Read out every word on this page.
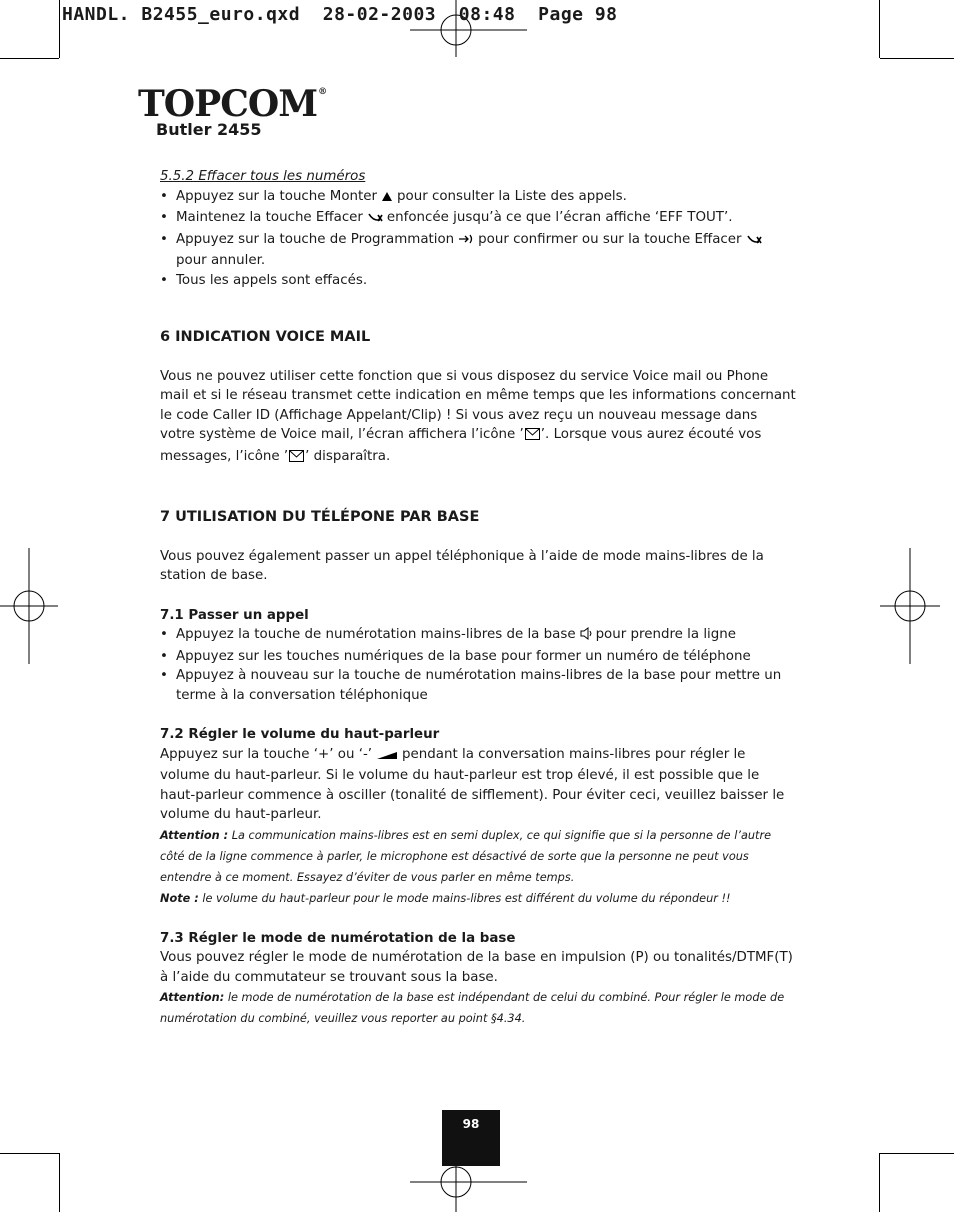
HANDL. B2455_euro.qxd  28-02-2003  08:48  Page 98
TOPCOM®
Butler 2455

5.5.2 Effacer tous les numéros

• Appuyez sur la touche Monter pour consulter la Liste des appels.
• Maintenez la touche Effacer enfoncée jusqu’à ce que l’écran affiche ‘EFF TOUT’.
• Appuyez sur la touche de Programmation pour confirmer ou sur la touche Effacerpour annuler.
• Tous les appels sont effacés.

6 INDICATION VOICE MAIL

Vous ne pouvez utiliser cette fonction que si vous disposez du service Voice mail ou Phone mail et si le réseau transmet cette indication en même temps que les informations concernant le code Caller ID (Affichage Appelant/Clip) ! Si vous avez reçu un nouveau message dans votre système de Voice mail, l’écran affichera l’icône ’ ’. Lorsque vous aurez écouté vos messages, l’icône ’ ’ disparaîtra.

7 UTILISATION DU TÉLÉPONE PAR BASE

Vous pouvez également passer un appel téléphonique à l’aide de mode mains-libres de la station de base.

7.1 Passer un appel

• Appuyez la touche de numérotation mains-libres de la base pour prendre la ligne
• Appuyez sur les touches numériques de la base pour former un numéro de téléphone
• Appuyez à nouveau sur la touche de numérotation mains-libres de la base pour mettre un terme à la conversation téléphonique

7.2 Régler le volume du haut-parleur

Appuyez sur la touche ‘+’ ou ‘-’ pendant la conversation mains-libres pour régler le volume du haut-parleur. Si le volume du haut-parleur est trop élevé, il est possible que le haut-parleur commence à osciller (tonalité de sifflement). Pour éviter ceci, veuillez baisser le volume du haut-parleur.

Attention : La communication mains-libres est en semi duplex, ce qui signifie que si la personne de l’autre côté de la ligne commence à parler, le microphone est désactivé de sorte que la personne ne peut vous entendre à ce moment. Essayez d’éviter de vous parler en même temps.

Note : le volume du haut-parleur pour le mode mains-libres est différent du volume du répondeur !!

7.3 Régler le mode de numérotation de la base

Vous pouvez régler le mode de numérotation de la base en impulsion (P) ou tonalités/DTMF(T) à l’aide du commutateur se trouvant sous la base.

Attention: le mode de numérotation de la base est indépendant de celui du combiné. Pour régler le mode de numérotation du combiné, veuillez vous reporter au point §4.34.

98
